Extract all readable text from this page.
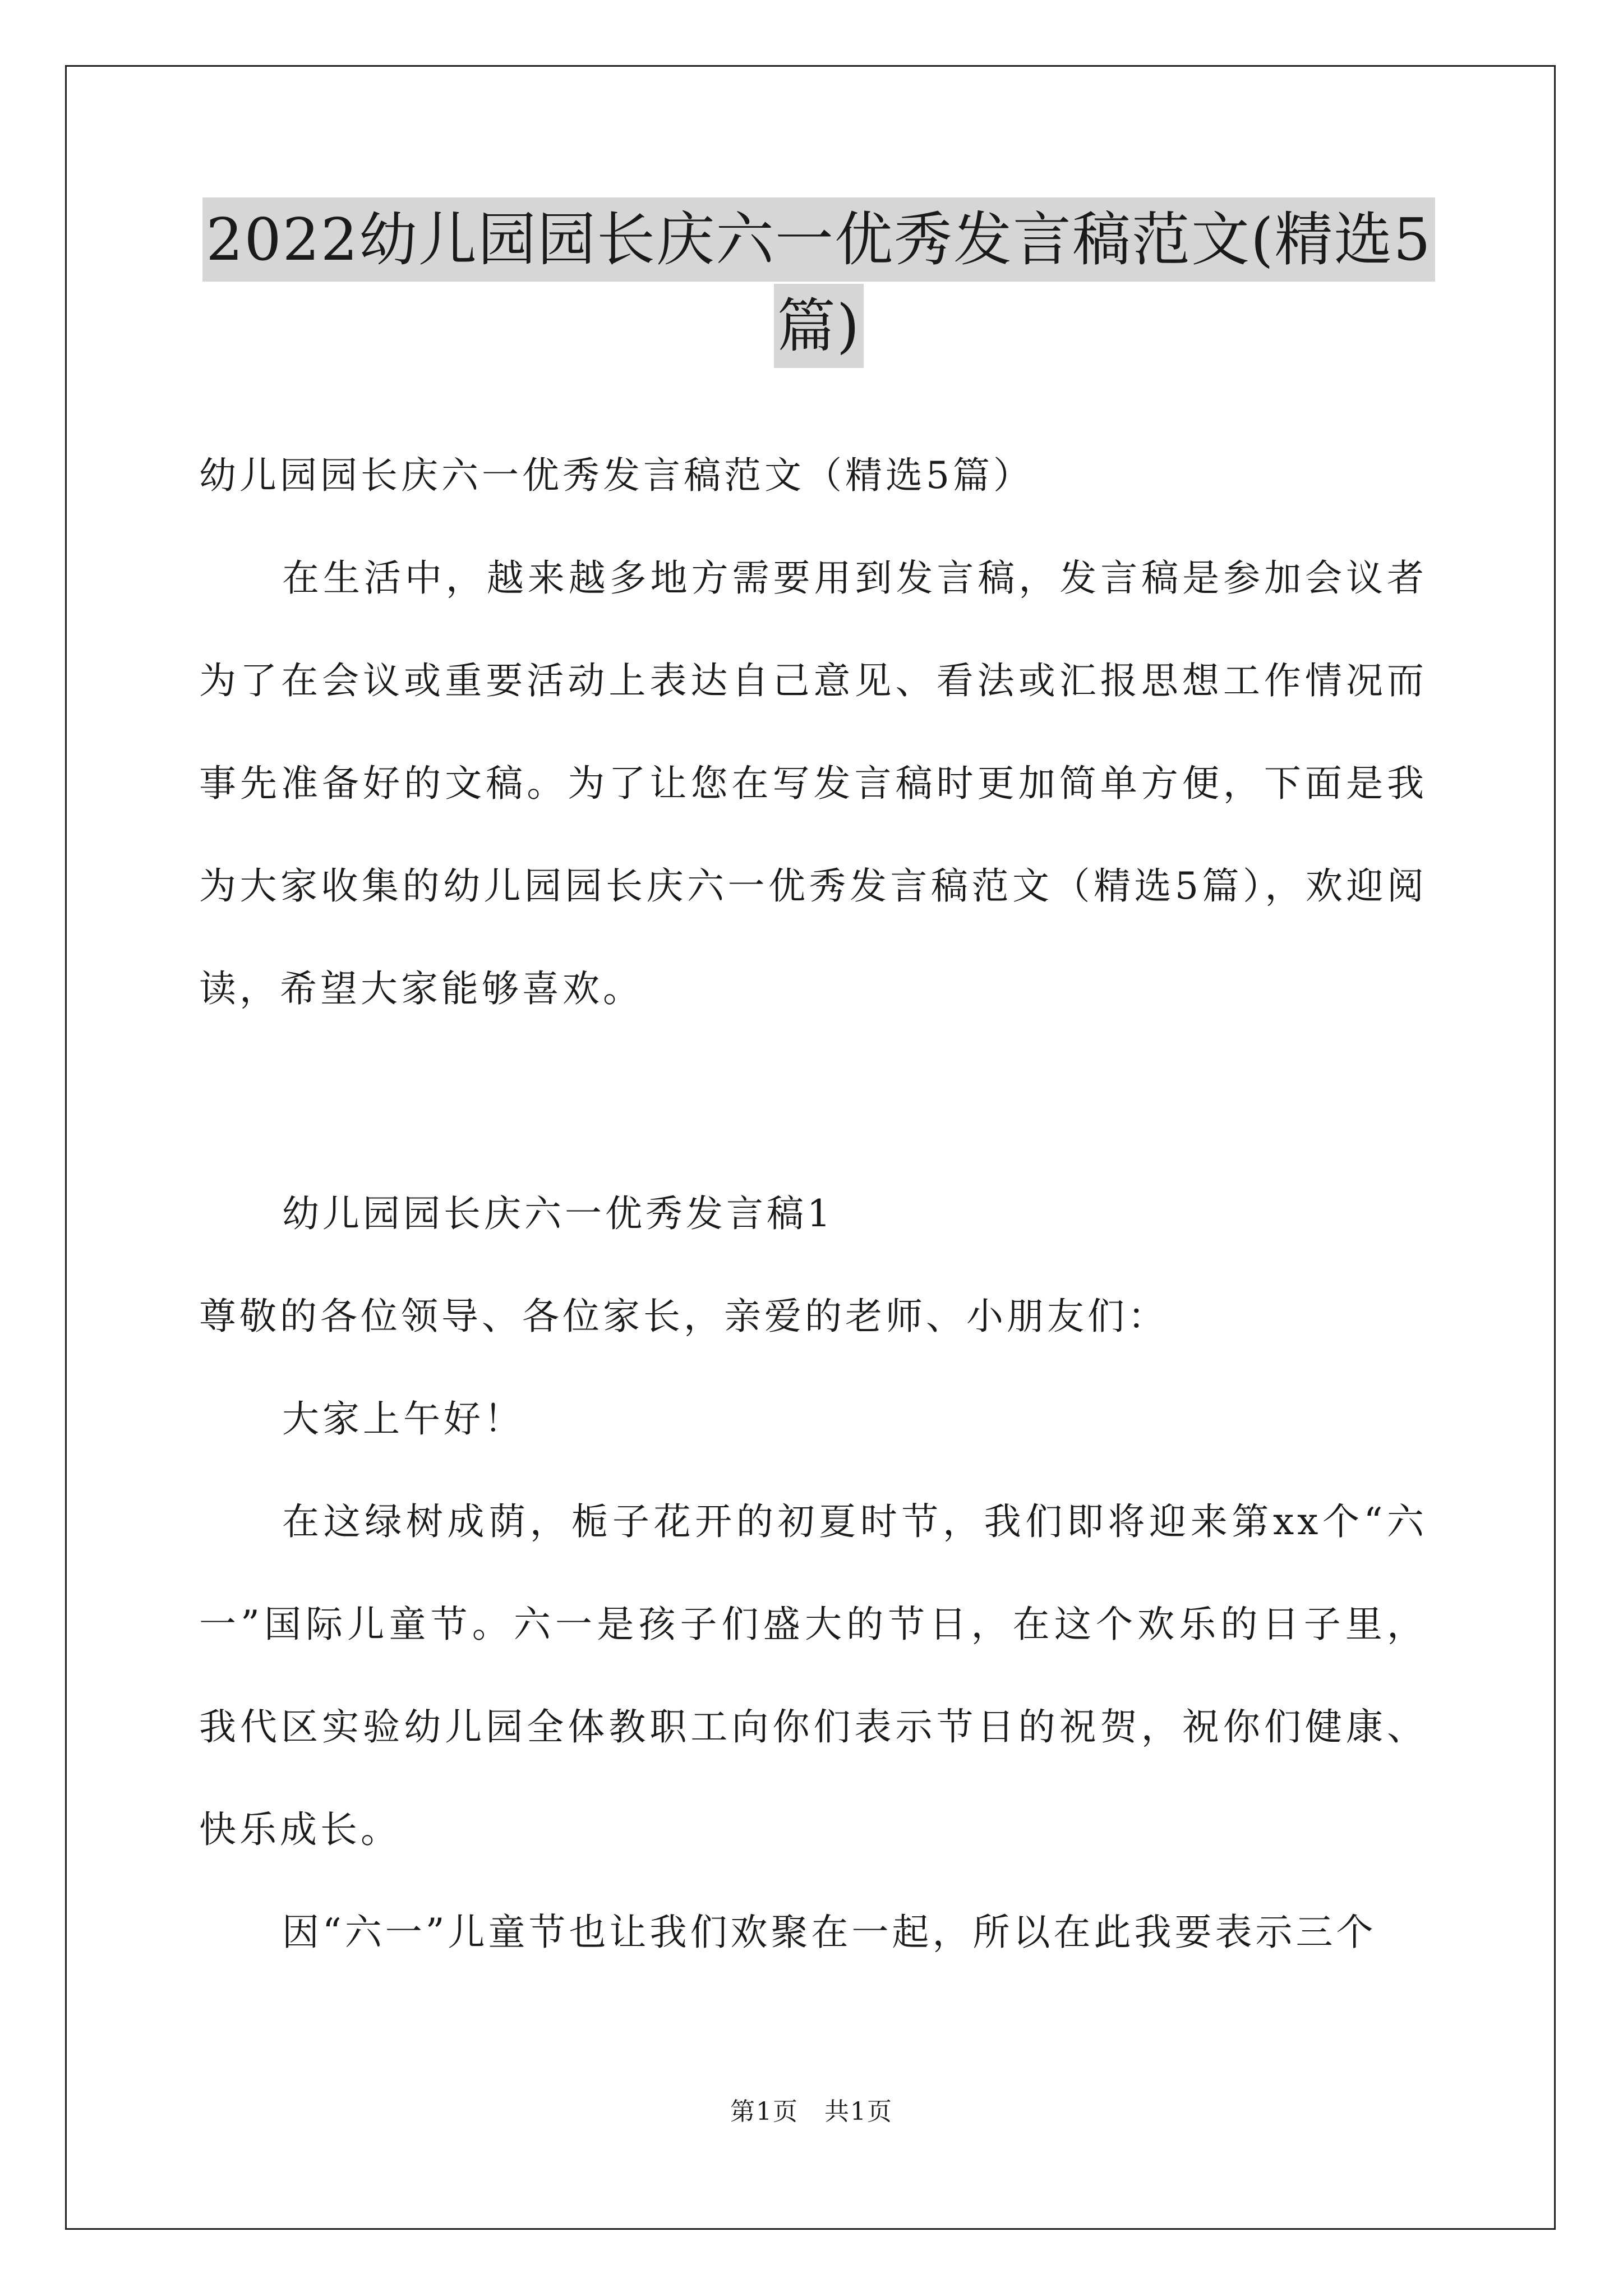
2022幼儿园园长庆六一优秀发言稿范文(精选5
篇)

幼儿园园长庆六一优秀发言稿范文（精选5篇）

在生活中，越来越多地方需要用到发言稿，发言稿是参加会议者为了在会议或重要活动上表达自己意见、看法或汇报思想工作情况而事先准备好的文稿。为了让您在写发言稿时更加简单方便，下面是我为大家收集的幼儿园园长庆六一优秀发言稿范文（精选5篇），欢迎阅读，希望大家能够喜欢。

幼儿园园长庆六一优秀发言稿1

尊敬的各位领导、各位家长，亲爱的老师、小朋友们：

大家上午好！

在这绿树成荫，栀子花开的初夏时节，我们即将迎来第xx个“六一”国际儿童节。六一是孩子们盛大的节日，在这个欢乐的日子里，我代区实验幼儿园全体教职工向你们表示节日的祝贺，祝你们健康、快乐成长。

因“六一”儿童节也让我们欢聚在一起，所以在此我要表示三个

第1页　共1页
